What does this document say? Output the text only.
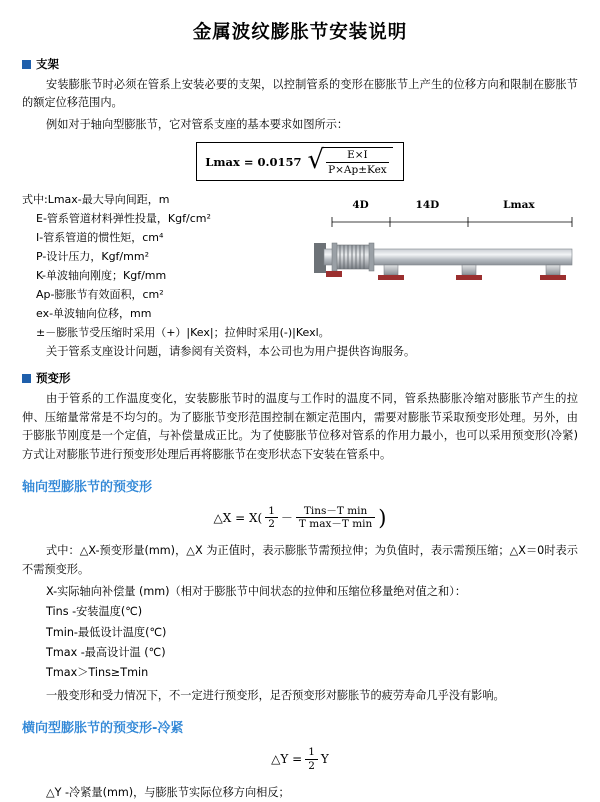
金属波纹膨胀节安装说明
支架

安装膨胀节时必须在管系上安装必要的支架，以控制管系的变形在膨胀节上产生的位移方向和限制在膨胀节的额定位移范围内。

例如对于轴向型膨胀节，它对管系支座的基本要求如图所示：

Lmax = 0.0157 √ $\frac{E\times I}{\text{P×Ap±Kex}}$
式中:Lmax-最大导向间距，m
E-管系管道材料弹性投量，Kgf/cm²
I-管系管道的惯性矩，cm⁴
P-设计压力，Kgf/mm²
K-单波轴向刚度；Kgf/mm
Ap-膨胀节有效面积，cm²
ex-单波轴向位移，mm
±－膨胀节受压缩时采用（+）|Kex|；拉伸时采用(-)|Kexl。
4D	14D	Lmax

关于管系支座设计问题，请参阅有关资料，本公司也为用户提供咨询服务。

预变形

由于管系的工作温度变化，安装膨胀节时的温度与工作时的温度不同，管系热膨胀冷缩对膨胀节产生的拉伸、压缩量常常是不均匀的。为了膨胀节变形范围控制在额定范围内，需要对膨胀节采取预变形处理。另外，由于膨胀节刚度是一个定值，与补偿量成正比。为了使膨胀节位移对管系的作用力最小，也可以采用预变形(冷紧)方式让对膨胀节进行预变形处理后再将膨胀节在变形状态下安装在管系中。

轴向型膨胀节的预变形
△X = $X( \frac{1}{2} - \frac{\text{Tins－T min}}{\text{T max－T min}}$ )

式中：△X-预变形量(mm)，△X 为正值时，表示膨胀节需预拉伸；为负值时，表示需预压缩；△X＝0时表示不需预变形。

X-实际轴向补偿量 (mm)（相对于膨胀节中间状态的拉伸和压缩位移量绝对值之和）：
Tins -安装温度(℃)
Tmin-最低设计温度(℃)
Tmax -最高设计温 (℃)
Tmax＞Tins≥Tmin

一般变形和受力情况下，不一定进行预变形，足否预变形对膨胀节的疲劳寿命几乎没有影响。

横向型膨胀节的预变形-冷紧
△Y = $\frac{1}{2}$ Y

△Y -冷紧量(mm)，与膨胀节实际位移方向相反；
